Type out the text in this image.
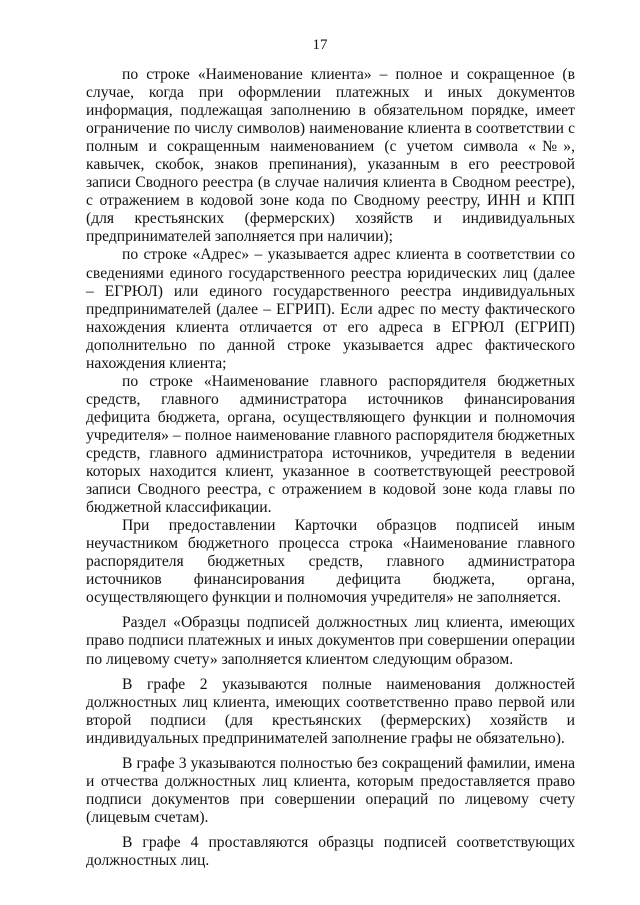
17

по строке «Наименование клиента» – полное и сокращенное (в случае, когда при оформлении платежных и иных документов информация, подлежащая заполнению в обязательном порядке, имеет ограничение по числу символов) наименование клиента в соответствии с полным и сокращенным наименованием (с учетом символа «№», кавычек, скобок, знаков препинания), указанным в его реестровой записи Сводного реестра (в случае наличия клиента в Сводном реестре), с отражением в кодовой зоне кода по Сводному реестру, ИНН и КПП (для крестьянских (фермерских) хозяйств и индивидуальных предпринимателей заполняется при наличии);

по строке «Адрес» – указывается адрес клиента в соответствии со сведениями единого государственного реестра юридических лиц (далее – ЕГРЮЛ) или единого государственного реестра индивидуальных предпринимателей (далее – ЕГРИП). Если адрес по месту фактического нахождения клиента отличается от его адреса в ЕГРЮЛ (ЕГРИП) дополнительно по данной строке указывается адрес фактического нахождения клиента;

по строке «Наименование главного распорядителя бюджетных средств, главного администратора источников финансирования дефицита бюджета, органа, осуществляющего функции и полномочия учредителя» – полное наименование главного распорядителя бюджетных средств, главного администратора источников, учредителя в ведении которых находится клиент, указанное в соответствующей реестровой записи Сводного реестра, с отражением в кодовой зоне кода главы по бюджетной классификации.

При предоставлении Карточки образцов подписей иным неучастником бюджетного процесса строка «Наименование главного распорядителя бюджетных средств, главного администратора источников финансирования дефицита бюджета, органа, осуществляющего функции и полномочия учредителя» не заполняется.

Раздел «Образцы подписей должностных лиц клиента, имеющих право подписи платежных и иных документов при совершении операции по лицевому счету» заполняется клиентом следующим образом.

В графе 2 указываются полные наименования должностей должностных лиц клиента, имеющих соответственно право первой или второй подписи (для крестьянских (фермерских) хозяйств и индивидуальных предпринимателей заполнение графы не обязательно).

В графе 3 указываются полностью без сокращений фамилии, имена и отчества должностных лиц клиента, которым предоставляется право подписи документов при совершении операций по лицевому счету (лицевым счетам).

В графе 4 проставляются образцы подписей соответствующих должностных лиц.
